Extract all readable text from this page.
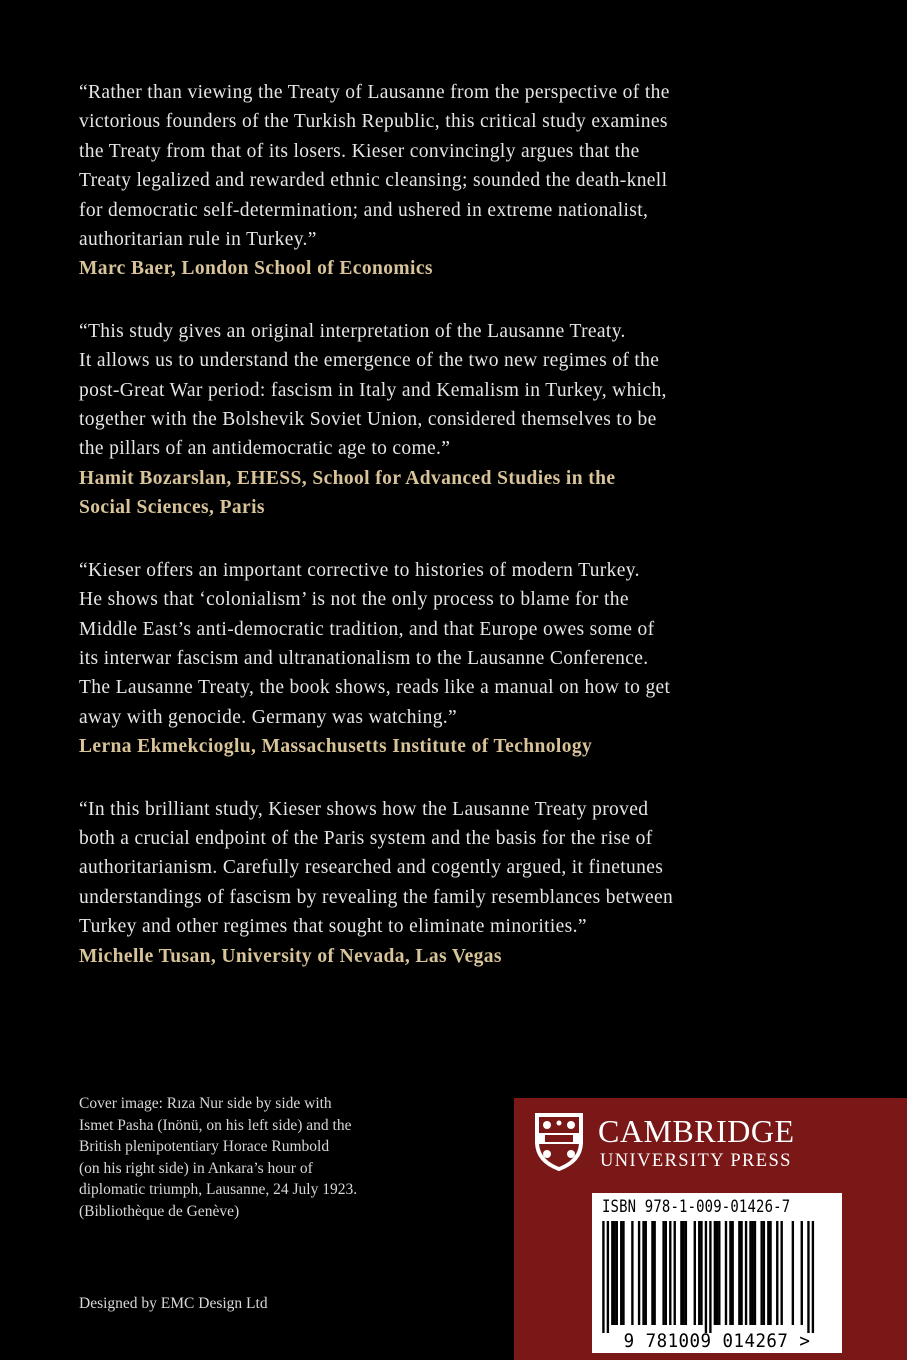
“Rather than viewing the Treaty of Lausanne from the perspective of the
victorious founders of the Turkish Republic, this critical study examines
the Treaty from that of its losers. Kieser convincingly argues that the
Treaty legalized and rewarded ethnic cleansing; sounded the death-knell
for democratic self-determination; and ushered in extreme nationalist,
authoritarian rule in Turkey.”

Marc Baer, London School of Economics

“This study gives an original interpretation of the Lausanne Treaty.
It allows us to understand the emergence of the two new regimes of the
post-Great War period: fascism in Italy and Kemalism in Turkey, which,
together with the Bolshevik Soviet Union, considered themselves to be
the pillars of an antidemocratic age to come.”

Hamit Bozarslan, EHESS, School for Advanced Studies in the
Social Sciences, Paris

“Kieser offers an important corrective to histories of modern Turkey.
He shows that ‘colonialism’ is not the only process to blame for the
Middle East’s anti-democratic tradition, and that Europe owes some of
its interwar fascism and ultranationalism to the Lausanne Conference.
The Lausanne Treaty, the book shows, reads like a manual on how to get
away with genocide. Germany was watching.”

Lerna Ekmekcioglu, Massachusetts Institute of Technology

“In this brilliant study, Kieser shows how the Lausanne Treaty proved
both a crucial endpoint of the Paris system and the basis for the rise of
authoritarianism. Carefully researched and cogently argued, it finetunes
understandings of fascism by revealing the family resemblances between
Turkey and other regimes that sought to eliminate minorities.”

Michelle Tusan, University of Nevada, Las Vegas

Cover image: Rıza Nur side by side with
Ismet Pasha (Inönü, on his left side) and the
British plenipotentiary Horace Rumbold
(on his right side) in Ankara’s hour of
diplomatic triumph, Lausanne, 24 July 1923.
(Bibliothèque de Genève)

Designed by EMC Design Ltd
CAMBRIDGE
UNIVERSITY PRESS
ISBN 978-1-009-01426-7
9 781009 014267 >
